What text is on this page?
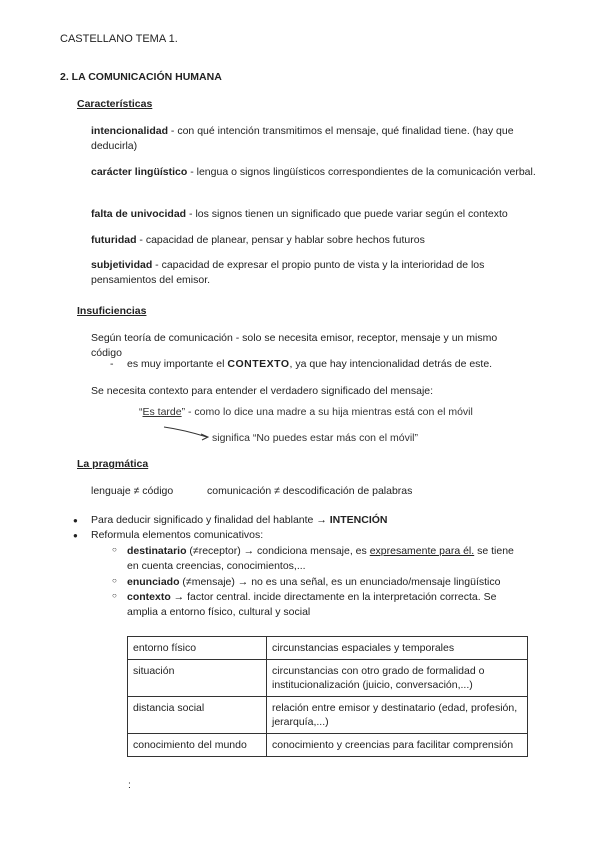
CASTELLANO TEMA 1.
2. LA COMUNICACIÓN HUMANA
Características
intencionalidad - con qué intención transmitimos el mensaje, qué finalidad tiene. (hay que deducirla)
carácter lingüístico - lengua o signos lingüísticos correspondientes de la comunicación verbal.
falta de univocidad - los signos tienen un significado que puede variar según el contexto
futuridad - capacidad de planear, pensar y hablar sobre hechos futuros
subjetividad - capacidad de expresar el propio punto de vista y la interioridad de los pensamientos del emisor.
Insuficiencias
Según teoría de comunicación - solo se necesita emisor, receptor, mensaje y un mismo código
- es muy importante el CONTEXTO, ya que hay intencionalidad detrás de este.
Se necesita contexto para entender el verdadero significado del mensaje:
“Es tarde” - como lo dice una madre a su hija mientras está con el móvil
significa “No puedes estar más con el móvil”
La pragmática
lenguaje ≠ código	comunicación ≠ descodificación de palabras
● Para deducir significado y finalidad del hablante → INTENCIÓN
● Reformula elementos comunicativos:
○ destinatario (≠receptor) → condiciona mensaje, es expresamente para él. se tiene en cuenta creencias, conocimientos,...
○ enunciado (≠mensaje) → no es una señal, es un enunciado/mensaje lingüístico
○ contexto → factor central. incide directamente en la interpretación correcta. Se amplia a entorno físico, cultural y social
entorno físico	circunstancias espaciales y temporales
situación	circunstancias con otro grado de formalidad o institucionalización (juicio, conversación,...)
distancia social	relación entre emisor y destinatario (edad, profesión, jerarquía,...)
conocimiento del mundo	conocimiento y creencias para facilitar comprensión
:
